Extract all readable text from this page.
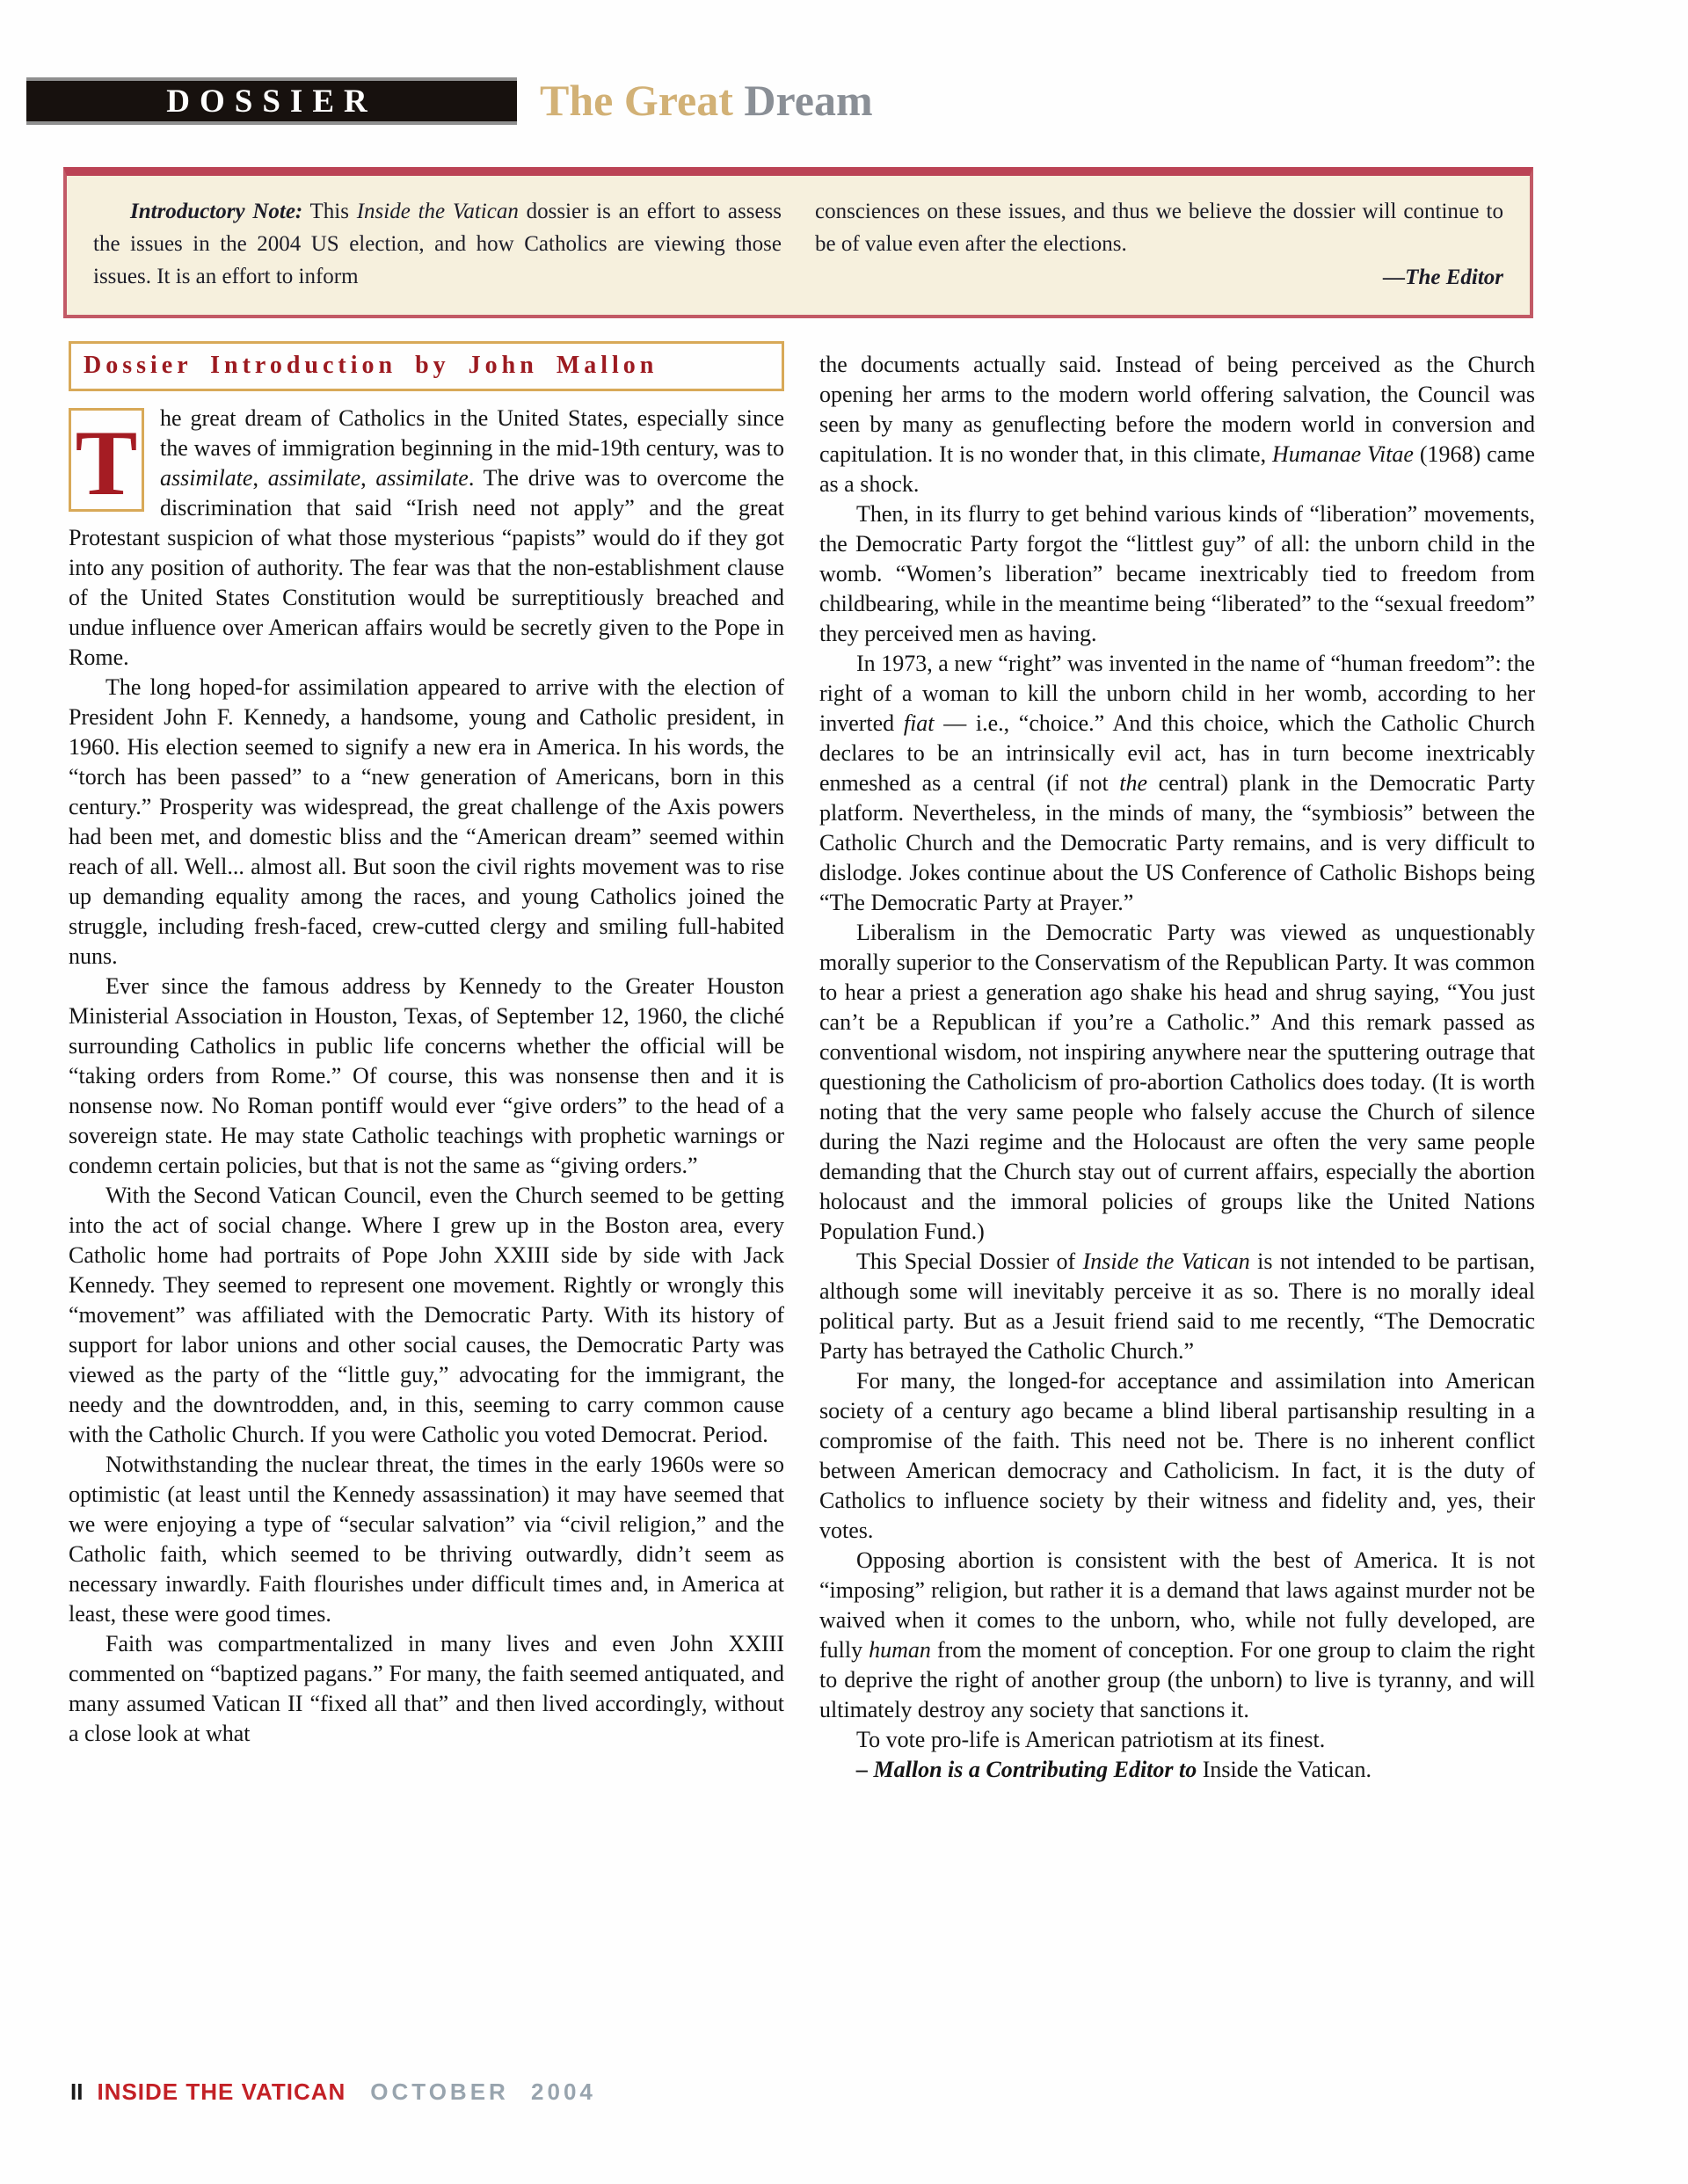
DOSSIER	The Great Dream

Introductory Note: This Inside the Vatican dossier is an effort to assess the issues in the 2004 US election, and how Catholics are viewing those issues. It is an effort to inform

consciences on these issues, and thus we believe the dossier will continue to be of value even after the elections.

—The Editor
Dossier Introduction by John Mallon
T he great dream of Catholics in the United States, especially since the waves of immigration beginning in the mid-19th century, was to assimilate, assimilate, assimilate. The drive was to overcome the discrimination that said “Irish need not apply” and the great Protestant suspicion of what those mysterious “papists” would do if they got into any position of authority. The fear was that the non-establishment clause of the United States Constitution would be surreptitiously breached and undue influence over American affairs would be secretly given to the Pope in Rome.

The long hoped-for assimilation appeared to arrive with the election of President John F. Kennedy, a handsome, young and Catholic president, in 1960. His election seemed to signify a new era in America. In his words, the “torch has been passed” to a “new generation of Americans, born in this century.” Prosperity was widespread, the great challenge of the Axis powers had been met, and domestic bliss and the “American dream” seemed within reach of all. Well... almost all. But soon the civil rights movement was to rise up demanding equality among the races, and young Catholics joined the struggle, including fresh-faced, crew-cutted clergy and smiling full-habited nuns.

Ever since the famous address by Kennedy to the Greater Houston Ministerial Association in Houston, Texas, of September 12, 1960, the cliché surrounding Catholics in public life concerns whether the official will be “taking orders from Rome.” Of course, this was nonsense then and it is nonsense now. No Roman pontiff would ever “give orders” to the head of a sovereign state. He may state Catholic teachings with prophetic warnings or condemn certain policies, but that is not the same as “giving orders.”

With the Second Vatican Council, even the Church seemed to be getting into the act of social change. Where I grew up in the Boston area, every Catholic home had portraits of Pope John XXIII side by side with Jack Kennedy. They seemed to represent one movement. Rightly or wrongly this “movement” was affiliated with the Democratic Party. With its history of support for labor unions and other social causes, the Democratic Party was viewed as the party of the “little guy,” advocating for the immigrant, the needy and the downtrodden, and, in this, seeming to carry common cause with the Catholic Church. If you were Catholic you voted Democrat. Period.

Notwithstanding the nuclear threat, the times in the early 1960s were so optimistic (at least until the Kennedy assassination) it may have seemed that we were enjoying a type of “secular salvation” via “civil religion,” and the Catholic faith, which seemed to be thriving outwardly, didn’t seem as necessary inwardly. Faith flourishes under difficult times and, in America at least, these were good times.

Faith was compartmentalized in many lives and even John XXIII commented on “baptized pagans.” For many, the faith seemed antiquated, and many assumed Vatican II “fixed all that” and then lived accordingly, without a close look at what

the documents actually said. Instead of being perceived as the Church opening her arms to the modern world offering salvation, the Council was seen by many as genuflecting before the modern world in conversion and capitulation. It is no wonder that, in this climate, Humanae Vitae (1968) came as a shock.

Then, in its flurry to get behind various kinds of “liberation” movements, the Democratic Party forgot the “littlest guy” of all: the unborn child in the womb. “Women’s liberation” became inextricably tied to freedom from childbearing, while in the meantime being “liberated” to the “sexual freedom” they perceived men as having.

In 1973, a new “right” was invented in the name of “human freedom”: the right of a woman to kill the unborn child in her womb, according to her inverted fiat — i.e., “choice.” And this choice, which the Catholic Church declares to be an intrinsically evil act, has in turn become inextricably enmeshed as a central (if not the central) plank in the Democratic Party platform. Nevertheless, in the minds of many, the “symbiosis” between the Catholic Church and the Democratic Party remains, and is very difficult to dislodge. Jokes continue about the US Conference of Catholic Bishops being “The Democratic Party at Prayer.”

Liberalism in the Democratic Party was viewed as unquestionably morally superior to the Conservatism of the Republican Party. It was common to hear a priest a generation ago shake his head and shrug saying, “You just can’t be a Republican if you’re a Catholic.” And this remark passed as conventional wisdom, not inspiring anywhere near the sputtering outrage that questioning the Catholicism of pro-abortion Catholics does today. (It is worth noting that the very same people who falsely accuse the Church of silence during the Nazi regime and the Holocaust are often the very same people demanding that the Church stay out of current affairs, especially the abortion holocaust and the immoral policies of groups like the United Nations Population Fund.)

This Special Dossier of Inside the Vatican is not intended to be partisan, although some will inevitably perceive it as so. There is no morally ideal political party. But as a Jesuit friend said to me recently, “The Democratic Party has betrayed the Catholic Church.”

For many, the longed-for acceptance and assimilation into American society of a century ago became a blind liberal partisanship resulting in a compromise of the faith. This need not be. There is no inherent conflict between American democracy and Catholicism. In fact, it is the duty of Catholics to influence society by their witness and fidelity and, yes, their votes.

Opposing abortion is consistent with the best of America. It is not “imposing” religion, but rather it is a demand that laws against murder not be waived when it comes to the unborn, who, while not fully developed, are fully human from the moment of conception. For one group to claim the right to deprive the right of another group (the unborn) to live is tyranny, and will ultimately destroy any society that sanctions it.

To vote pro-life is American patriotism at its finest.

– Mallon is a Contributing Editor to Inside the Vatican.

II INSIDE THE VATICAN OCTOBER 2004
